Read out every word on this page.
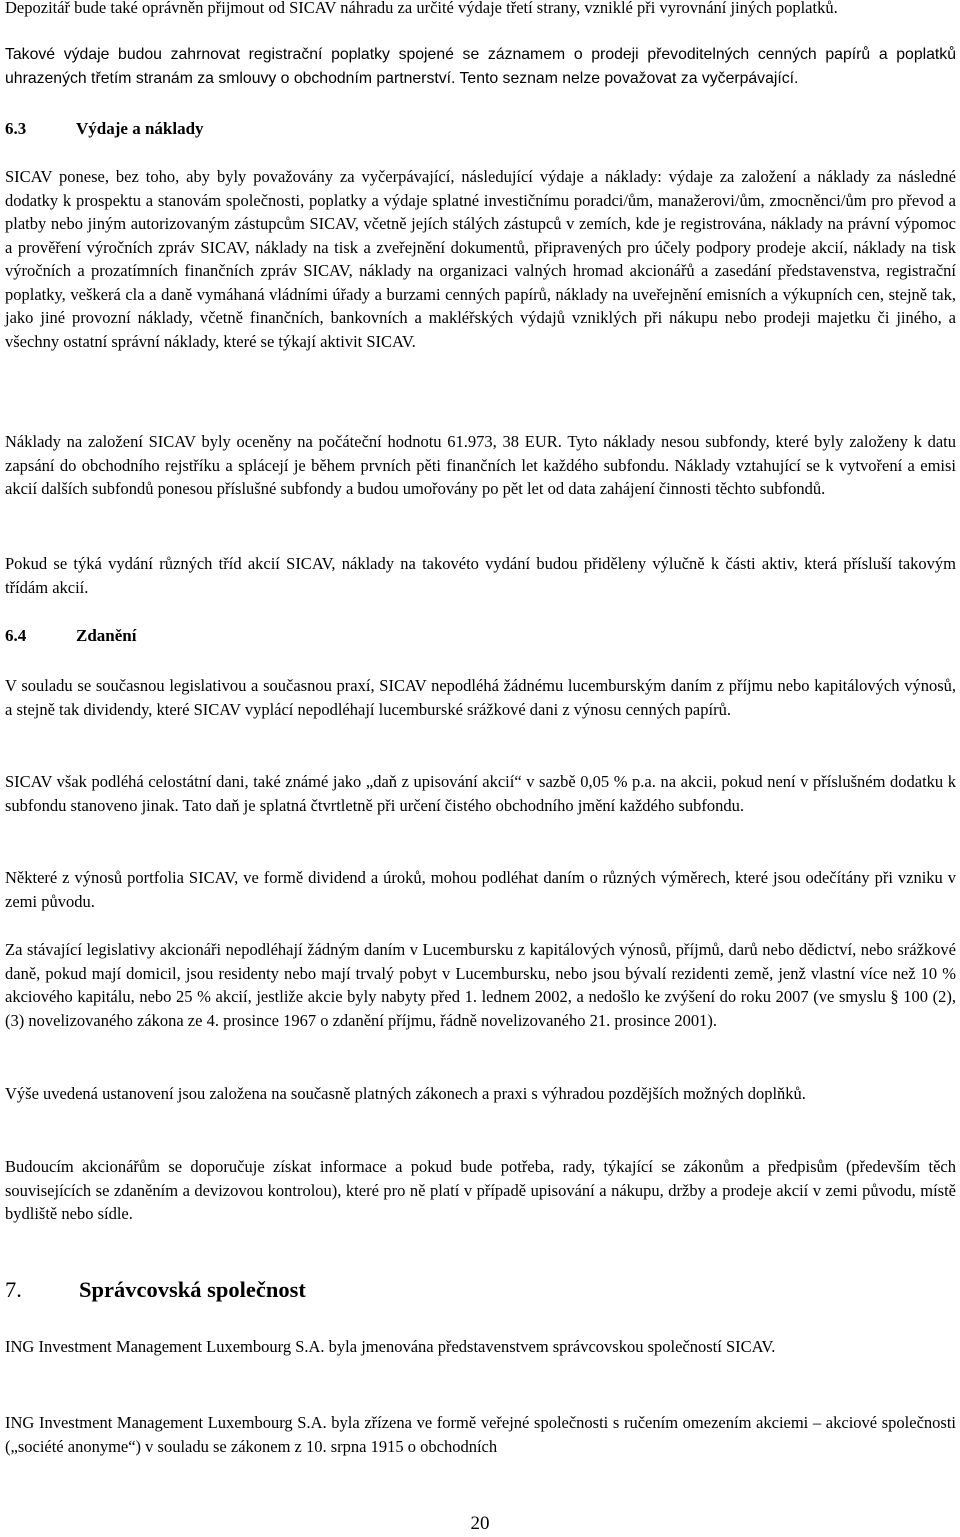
Depozitář bude také oprávněn přijmout od SICAV náhradu za určité výdaje třetí strany, vzniklé při vyrovnání jiných poplatků.

Takové výdaje budou zahrnovat registrační poplatky spojené se záznamem o prodeji převoditelných cenných papírů a poplatků uhrazených třetím stranám za smlouvy o obchodním partnerství. Tento seznam nelze považovat za vyčerpávající.

6.3	Výdaje a náklady

SICAV ponese, bez toho, aby byly považovány za vyčerpávající, následující výdaje a náklady: výdaje za založení a náklady za následné dodatky k prospektu a stanovám společnosti, poplatky a výdaje splatné investičnímu poradci/ům, manažerovi/ům, zmocněnci/ům pro převod a platby nebo jiným autorizovaným zástupcům SICAV, včetně jejích stálých zástupců v zemích, kde je registrována, náklady na právní výpomoc a prověření výročních zpráv SICAV, náklady na tisk a zveřejnění dokumentů, připravených pro účely podpory prodeje akcií, náklady na tisk výročních a prozatímních finančních zpráv SICAV, náklady na organizaci valných hromad akcionářů a zasedání představenstva, registrační poplatky, veškerá cla a daně vymáhaná vládními úřady a burzami cenných papírů, náklady na uveřejnění emisních a výkupních cen, stejně tak, jako jiné provozní náklady, včetně finančních, bankovních a makléřských výdajů vzniklých při nákupu nebo prodeji majetku či jiného, a všechny ostatní správní náklady, které se týkají aktivit SICAV.

Náklady na založení SICAV byly oceněny na počáteční hodnotu 61.973, 38 EUR. Tyto náklady nesou subfondy, které byly založeny k datu zapsání do obchodního rejstříku a splácejí je během prvních pěti finančních let každého subfondu. Náklady vztahující se k vytvoření a emisi akcií dalších subfondů ponesou příslušné subfondy a budou umořovány po pět let od data zahájení činnosti těchto subfondů.

Pokud se týká vydání různých tříd akcií SICAV, náklady na takovéto vydání budou přiděleny výlučně k části aktiv, která přísluší takovým třídám akcií.

6.4	Zdanění

V souladu se současnou legislativou a současnou praxí, SICAV nepodléhá žádnému lucemburským daním z příjmu nebo kapitálových výnosů, a stejně tak dividendy, které SICAV vyplácí nepodléhají lucemburské srážkové dani z výnosu cenných papírů.

SICAV však podléhá celostátní dani, také známé jako „daň z upisování akcií“ v sazbě 0,05 % p.a. na akcii, pokud není v příslušném dodatku k subfondu stanoveno jinak. Tato daň je splatná čtvrtletně při určení čistého obchodního jmění každého subfondu.

Některé z výnosů portfolia SICAV, ve formě dividend a úroků, mohou podléhat daním o různých výměrech, které jsou odečítány při vzniku v zemi původu.

Za stávající legislativy akcionáři nepodléhají žádným daním v Lucembursku z kapitálových výnosů, příjmů, darů nebo dědictví, nebo srážkové daně, pokud mají domicil, jsou residenty nebo mají trvalý pobyt v Lucembursku, nebo jsou bývalí rezidenti země, jenž vlastní více než 10 % akciového kapitálu, nebo 25 % akcií, jestliže akcie byly nabyty před 1. lednem 2002, a nedošlo ke zvýšení do roku 2007 (ve smyslu § 100 (2), (3) novelizovaného zákona ze 4. prosince 1967 o zdanění příjmu, řádně novelizovaného 21. prosince 2001).

Výše uvedená ustanovení jsou založena na současně platných zákonech a praxi s výhradou pozdějších možných doplňků.

Budoucím akcionářům se doporučuje získat informace a pokud bude potřeba, rady, týkající se zákonům a předpisům (především těch souvisejících se zdaněním a devizovou kontrolou), které pro ně platí v případě upisování a nákupu, držby a prodeje akcií v zemi původu, místě bydliště nebo sídle.

7.	Správcovská společnost

ING Investment Management Luxembourg S.A. byla jmenována představenstvem správcovskou společností SICAV.

ING Investment Management Luxembourg S.A. byla zřízena ve formě veřejné společnosti s ručením omezením akciemi – akciové společnosti („société anonyme“) v souladu se zákonem z 10. srpna 1915 o obchodních

20
